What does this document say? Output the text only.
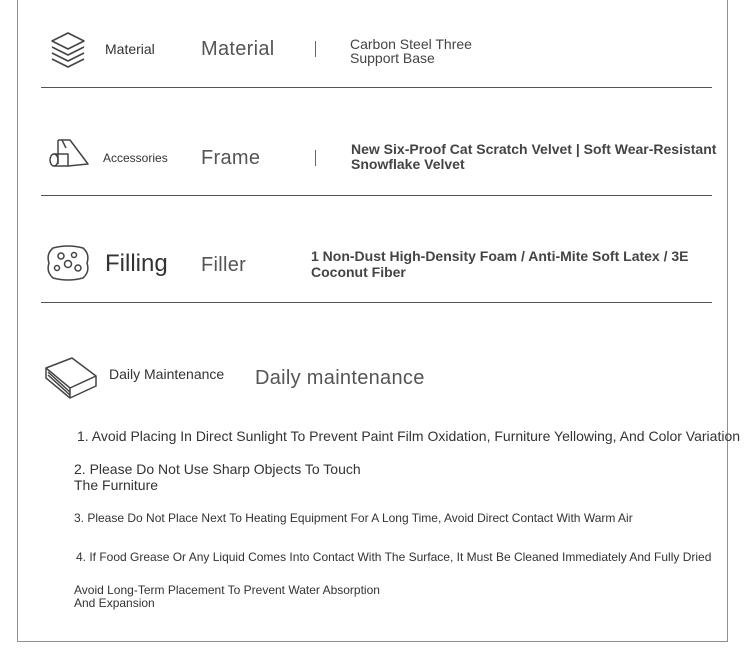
Material Material	Carbon Steel Three Support Base
Accessories Frame	New Six-Proof Cat Scratch Velvet | Soft Wear-Resistant Snowflake Velvet
Filling Filler	1 Non-Dust High-Density Foam / Anti-Mite Soft Latex / 3E Coconut Fiber
Daily Maintenance Daily maintenance
1. Avoid Placing In Direct Sunlight To Prevent Paint Film Oxidation, Furniture Yellowing, And Color Variation
2. Please Do Not Use Sharp Objects To Touch The Furniture
3. Please Do Not Place Next To Heating Equipment For A Long Time, Avoid Direct Contact With Warm Air
4. If Food Grease Or Any Liquid Comes Into Contact With The Surface, It Must Be Cleaned Immediately And Fully Dried
Avoid Long-Term Placement To Prevent Water Absorption And Expansion
